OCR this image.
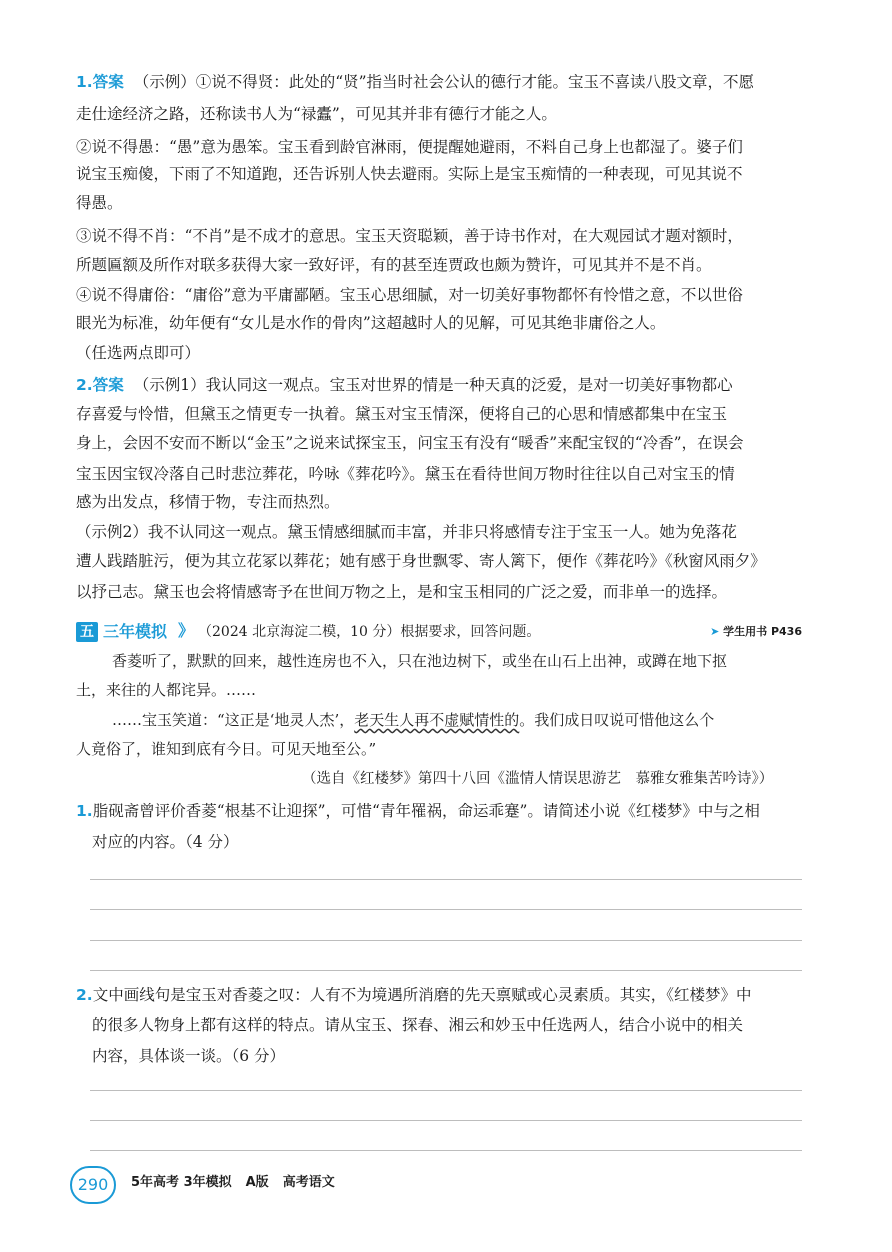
1.答案 （示例）①说不得贤：此处的“贤”指当时社会公认的德行才能。宝玉不喜读八股文章，不愿
走仕途经济之路，还称读书人为“禄蠹”，可见其并非有德行才能之人。
②说不得愚：“愚”意为愚笨。宝玉看到龄官淋雨，便提醒她避雨，不料自己身上也都湿了。婆子们
说宝玉痴傻，下雨了不知道跑，还告诉别人快去避雨。实际上是宝玉痴情的一种表现，可见其说不
得愚。
③说不得不肖：“不肖”是不成才的意思。宝玉天资聪颖，善于诗书作对，在大观园试才题对额时，
所题匾额及所作对联多获得大家一致好评，有的甚至连贾政也颇为赞许，可见其并不是不肖。
④说不得庸俗：“庸俗”意为平庸鄙陋。宝玉心思细腻，对一切美好事物都怀有怜惜之意，不以世俗
眼光为标准，幼年便有“女儿是水作的骨肉”这超越时人的见解，可见其绝非庸俗之人。
（任选两点即可）
2.答案 （示例1）我认同这一观点。宝玉对世界的情是一种天真的泛爱，是对一切美好事物都心
存喜爱与怜惜，但黛玉之情更专一执着。黛玉对宝玉情深，便将自己的心思和情感都集中在宝玉
身上，会因不安而不断以“金玉”之说来试探宝玉，问宝玉有没有“暖香”来配宝钗的“冷香”，在误会
宝玉因宝钗冷落自己时悲泣葬花，吟咏《葬花吟》。黛玉在看待世间万物时往往以自己对宝玉的情
感为出发点，移情于物，专注而热烈。
（示例2）我不认同这一观点。黛玉情感细腻而丰富，并非只将感情专注于宝玉一人。她为免落花
遭人践踏脏污，便为其立花冢以葬花；她有感于身世飘零、寄人篱下，便作《葬花吟》《秋窗风雨夕》
以抒己志。黛玉也会将情感寄予在世间万物之上，是和宝玉相同的广泛之爱，而非单一的选择。
五 三年模拟 》 （2024 北京海淀二模，10 分）根据要求，回答问题。	➤ 学生用书 P436
香菱听了，默默的回来，越性连房也不入，只在池边树下，或坐在山石上出神，或蹲在地下抠
土，来往的人都诧异。……
……宝玉笑道：“这正是‘地灵人杰’，老天生人再不虚赋情性的。我们成日叹说可惜他这么个
人竟俗了，谁知到底有今日。可见天地至公。”
（选自《红楼梦》第四十八回《滥情人情误思游艺　慕雅女雅集苦吟诗》）
1.脂砚斋曾评价香菱“根基不让迎探”，可惜“青年罹祸，命运乖蹇”。请简述小说《红楼梦》中与之相
对应的内容。（4 分）
2.文中画线句是宝玉对香菱之叹：人有不为境遇所消磨的先天禀赋或心灵素质。其实，《红楼梦》中
的很多人物身上都有这样的特点。请从宝玉、探春、湘云和妙玉中任选两人，结合小说中的相关
内容，具体谈一谈。（6 分）
290	5年高考 3年模拟 A版 高考语文
